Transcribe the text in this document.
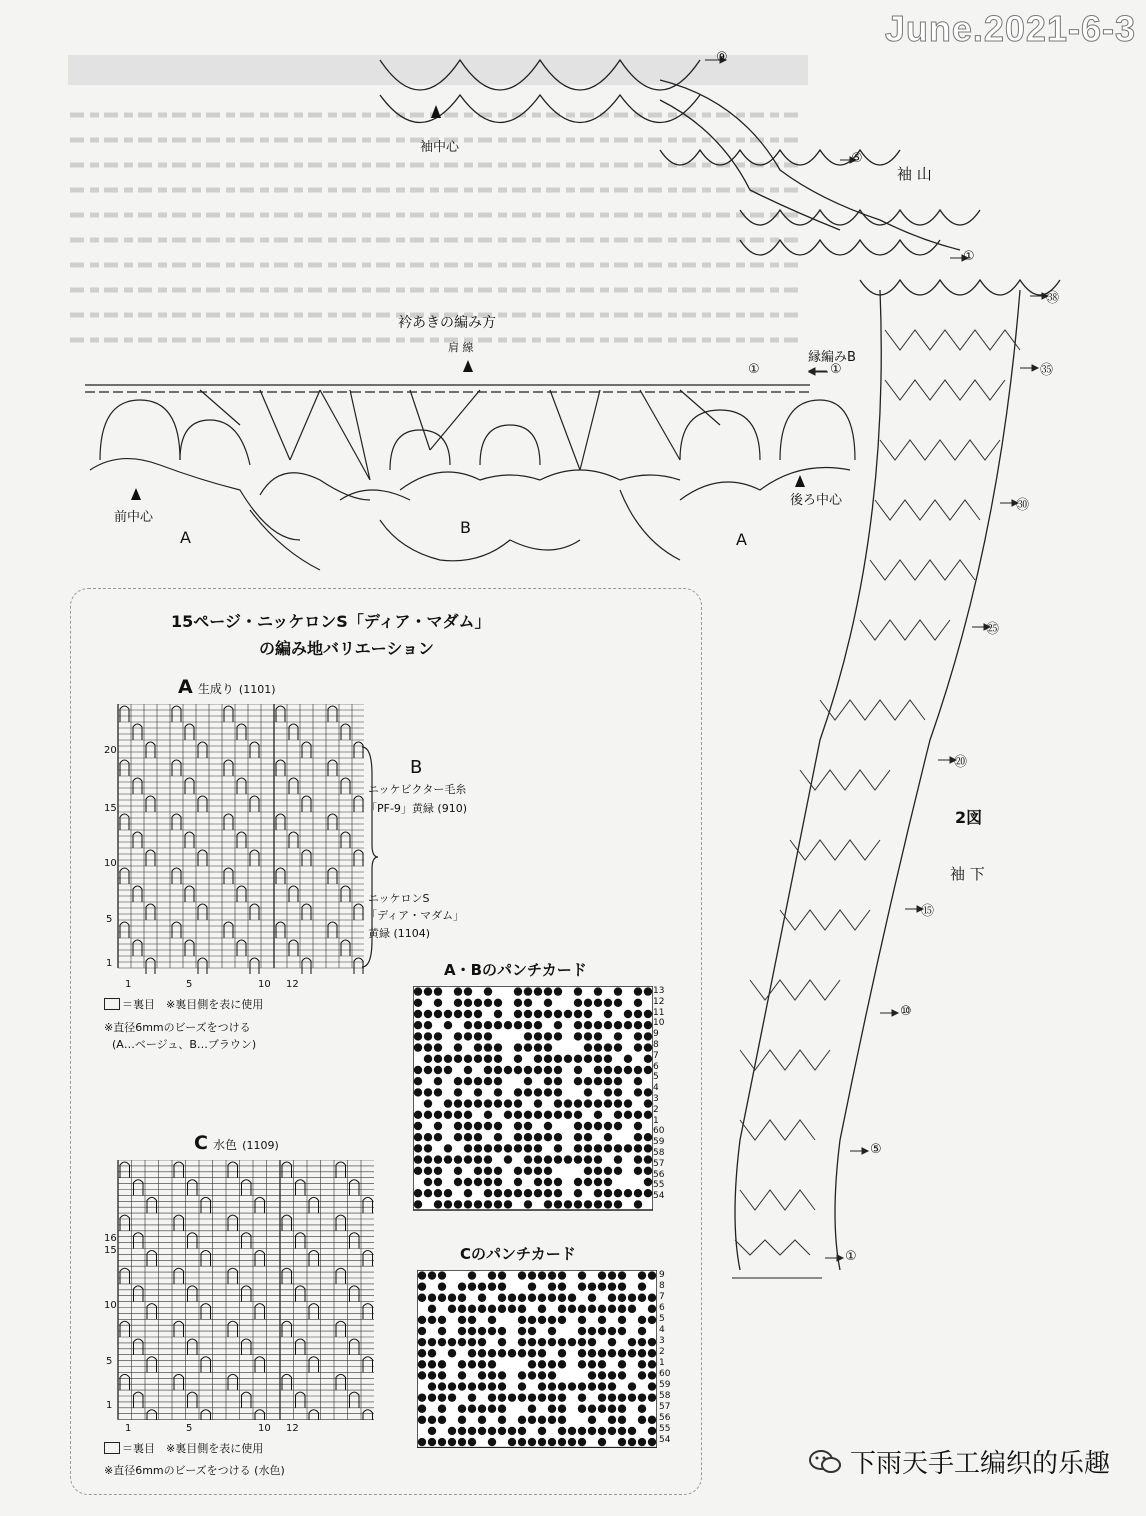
June.2021-6-3
袖中心
袖 山
縁編みB
2図
袖 下
⑨
⑤
①
㊳
①	㉟
㉚
㉕
⑳
⑮
⑩
⑤
①
衿あきの編み方
肩 線
①
前中心
後ろ中心
A
B
A
15ページ・ニッケロンS「ディア・マダム」
の編み地バリエーション
A 生成り (1101)
20
15
10
5
1
1	5	10 12
B
ニッケビクター毛糸
「PF-9」黄緑 (910)
ニッケロンS
「ディア・マダム」
黄緑 (1104)
＝裏目　※裏目側を表に使用
※直径6mmのビーズをつける
(A…ベージュ、B…ブラウン)
A・Bのパンチカード
13
12
11
10
9
8
7
6
5
4
3
2
1
60
59
58
57
56
55
54
C 水色 (1109)
16
15
10
5
1
1	5	10 12
＝裏目　※裏目側を表に使用
※直径6mmのビーズをつける (水色)
Cのパンチカード
9
8
7
6
5
4
3
2
1
60
59
58
57
56
55
54
下雨天手工编织的乐趣
